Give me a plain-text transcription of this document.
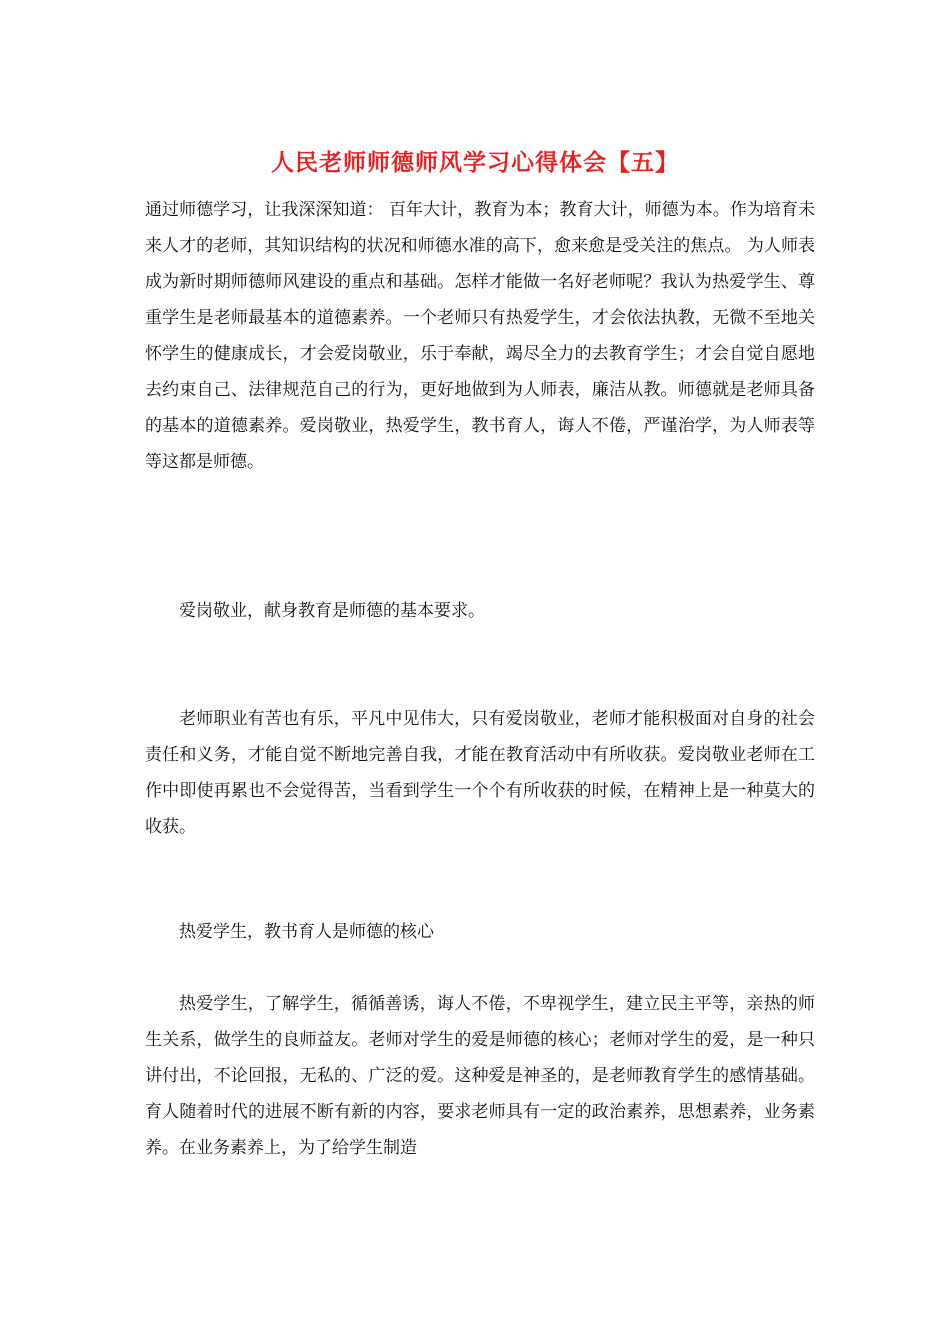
人民老师师德师风学习心得体会【五】

通过师德学习，让我深深知道： 百年大计，教育为本；教育大计，师德为本。作为培育未来人才的老师，其知识结构的状况和师德水准的高下，愈来愈是受关注的焦点。 为人师表 成为新时期师德师风建设的重点和基础。怎样才能做一名好老师呢？我认为热爱学生、尊重学生是老师最基本的道德素养。一个老师只有热爱学生，才会依法执教，无微不至地关怀学生的健康成长，才会爱岗敬业，乐于奉献，竭尽全力的去教育学生；才会自觉自愿地去约束自己、法律规范自己的行为，更好地做到为人师表，廉洁从教。师德就是老师具备的基本的道德素养。爱岗敬业，热爱学生，教书育人，诲人不倦，严谨治学，为人师表等等这都是师德。

爱岗敬业，献身教育是师德的基本要求。

老师职业有苦也有乐，平凡中见伟大，只有爱岗敬业，老师才能积极面对自身的社会责任和义务，才能自觉不断地完善自我，才能在教育活动中有所收获。爱岗敬业老师在工作中即使再累也不会觉得苦，当看到学生一个个有所收获的时候，在精神上是一种莫大的收获。

热爱学生，教书育人是师德的核心

热爱学生，了解学生，循循善诱，诲人不倦，不卑视学生，建立民主平等，亲热的师生关系，做学生的良师益友。老师对学生的爱是师德的核心；老师对学生的爱，是一种只讲付出，不论回报，无私的、广泛的爱。这种爱是神圣的，是老师教育学生的感情基础。育人随着时代的进展不断有新的内容，要求老师具有一定的政治素养，思想素养，业务素养。在业务素养上，为了给学生制造
